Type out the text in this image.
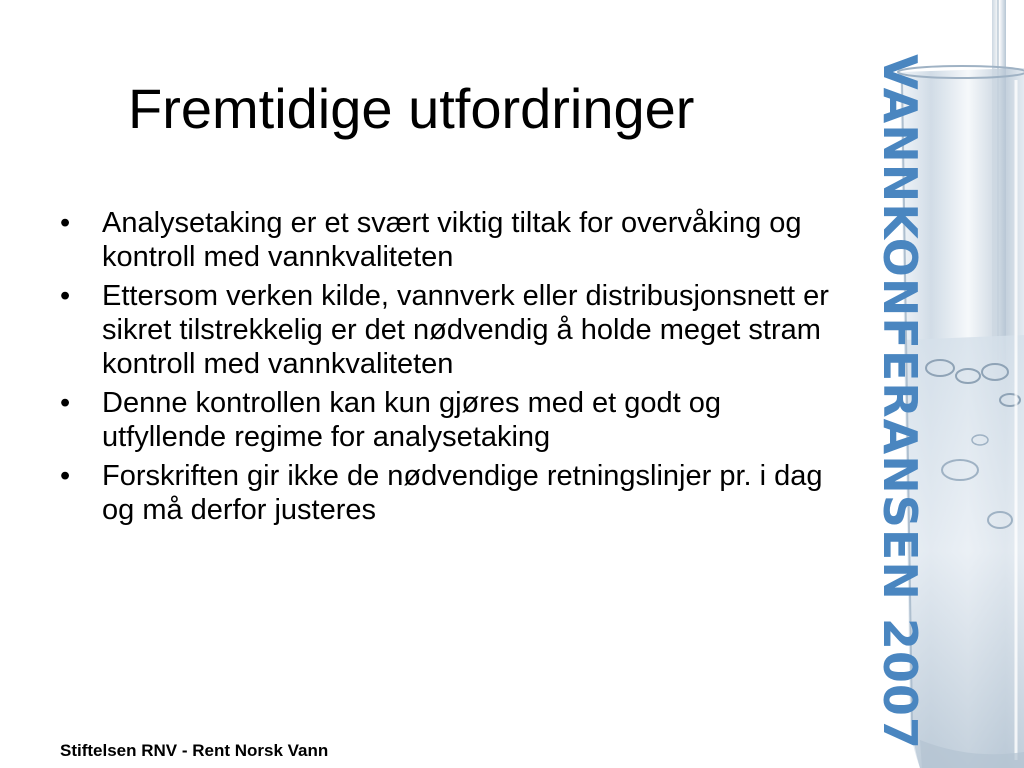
Fremtidige utfordringer
• Analysetaking er et svært viktig tiltak for overvåking og kontroll med vannkvaliteten
• Ettersom verken kilde, vannverk eller distribusjonsnett er sikret tilstrekkelig er det nødvendig å holde meget stram kontroll med vannkvaliteten
• Denne kontrollen kan kun gjøres med et godt og utfyllende regime for analysetaking
• Forskriften gir ikke de nødvendige retningslinjer pr. i dag og må derfor justeres
Stiftelsen RNV - Rent Norsk Vann
VANNKONFERANSEN 2007
